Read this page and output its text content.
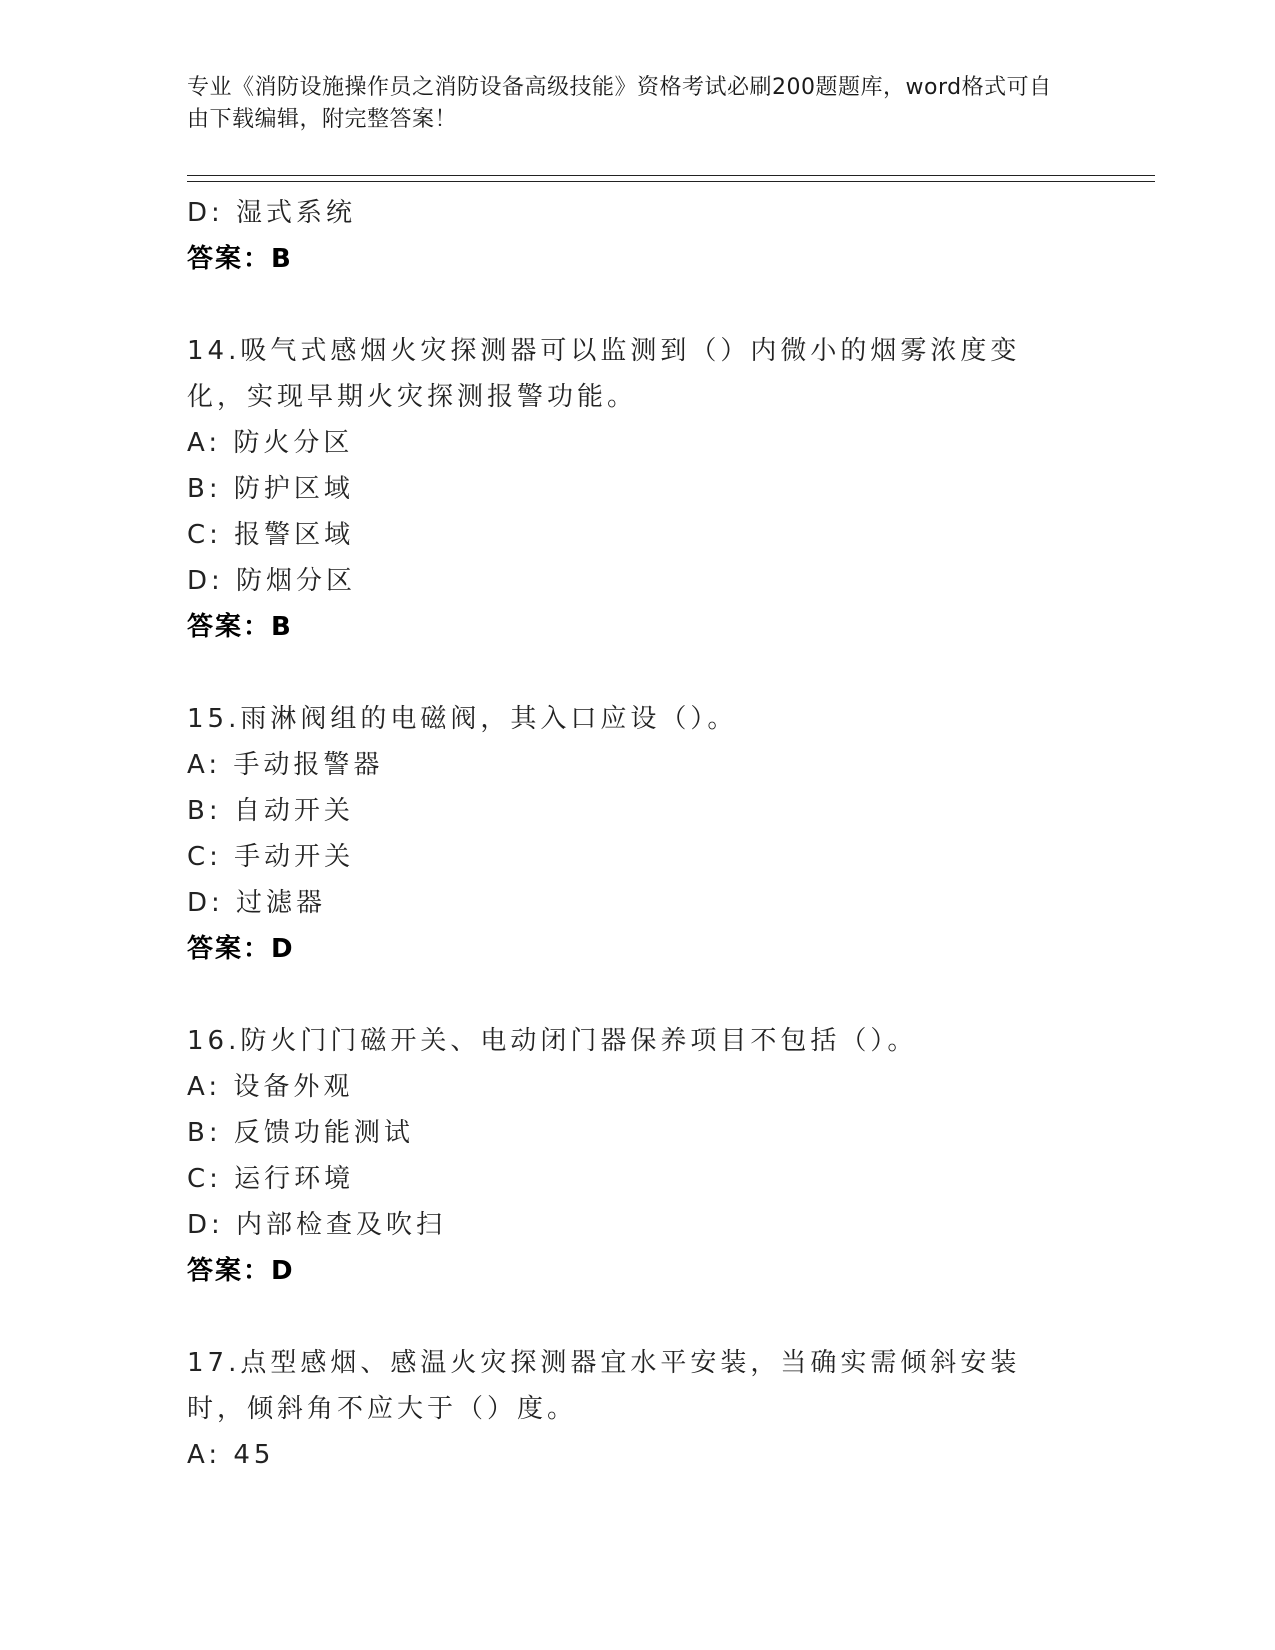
专业《消防设施操作员之消防设备高级技能》资格考试必刷200题题库，word格式可自由下载编辑，附完整答案！
D: 湿式系统
答案：B
14.吸气式感烟火灾探测器可以监测到（）内微小的烟雾浓度变化，实现早期火灾探测报警功能。
A: 防火分区
B: 防护区域
C: 报警区域
D: 防烟分区
答案：B
15.雨淋阀组的电磁阀，其入口应设（）。
A: 手动报警器
B: 自动开关
C: 手动开关
D: 过滤器
答案：D
16.防火门门磁开关、电动闭门器保养项目不包括（）。
A: 设备外观
B: 反馈功能测试
C: 运行环境
D: 内部检查及吹扫
答案：D
17.点型感烟、感温火灾探测器宜水平安装，当确实需倾斜安装时，倾斜角不应大于（）度。
A: 45
